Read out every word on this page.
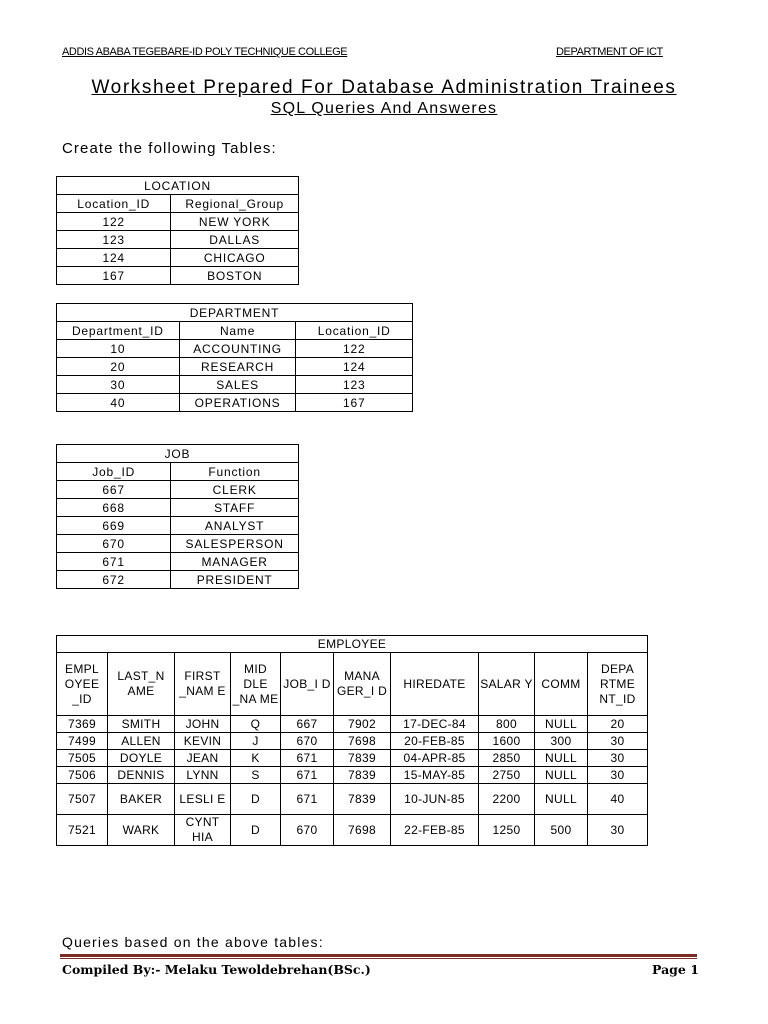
ADDIS ABABA TEGEBARE-ID POLY TECHNIQUE COLLEGE	DEPARTMENT OF ICT
Worksheet Prepared For Database Administration Trainees
SQL Queries And Answeres
Create the following Tables:
LOCATION	
Location_ID	Regional_Group
122	NEW YORK
123	DALLAS
124	CHICAGO
167	BOSTON
DEPARTMENT		
Department_ID	Name	Location_ID
10	ACCOUNTING	122
20	RESEARCH	124
30	SALES	123
40	OPERATIONS	167
JOB	
Job_ID	Function
667	CLERK
668	STAFF
669	ANALYST
670	SALESPERSON
671	MANAGER
672	PRESIDENT
EMPLOYEE									
EMPL OYEE _ID	LAST_N AME	FIRST _NAM E	MID DLE _NA ME	JOB_I D	MANA GER_I D	HIREDATE	SALAR Y	COMM	DEPA RTME NT_ID
7369	SMITH	JOHN	Q	667	7902	17-DEC-84	800	NULL	20
7499	ALLEN	KEVIN	J	670	7698	20-FEB-85	1600	300	30
7505	DOYLE	JEAN	K	671	7839	04-APR-85	2850	NULL	30
7506	DENNIS	LYNN	S	671	7839	15-MAY-85	2750	NULL	30
7507	BAKER	LESLI E	D	671	7839	10-JUN-85	2200	NULL	40
7521	WARK	CYNT HIA	D	670	7698	22-FEB-85	1250	500	30
Queries based on the above tables:
Compiled By:- Melaku Tewoldebrehan(BSc.)	Page 1
